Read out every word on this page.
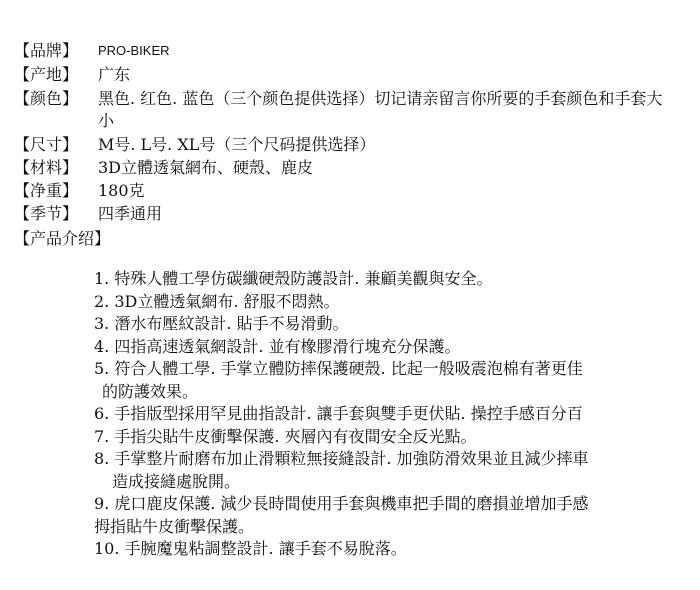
【品牌】 PRO-BIKER
【产地】 广东
【颜色】 黑色. 红色. 蓝色（三个颜色提供选择）切记请亲留言你所要的手套颜色和手套大小
【尺寸】 M号. L号. XL号（三个尺码提供选择）
【材料】 3D立體透氣網布、硬殼、鹿皮
【净重】 180克
【季节】 四季通用
【产品介绍】
1. 特殊人體工學仿碳纖硬殼防護設計. 兼顧美觀與安全。
2. 3D立體透氣網布. 舒服不悶熱。
3. 潛水布壓紋設計. 貼手不易滑動。
4. 四指高速透氣網設計. 並有橡膠滑行塊充分保護。
5. 符合人體工學. 手掌立體防摔保護硬殼. 比起一般吸震泡棉有著更佳
的防護效果。
6. 手指版型採用罕見曲指設計. 讓手套與雙手更伏貼. 操控手感百分百
7. 手指尖貼牛皮衝擊保護. 夾層內有夜間安全反光點。
8. 手掌整片耐磨布加止滑顆粒無接縫設計. 加強防滑效果並且減少摔車
造成接縫處脫開。
9. 虎口鹿皮保護. 減少長時間使用手套與機車把手間的磨損並增加手感
拇指貼牛皮衝擊保護。
10. 手腕魔鬼粘調整設計. 讓手套不易脫落。
